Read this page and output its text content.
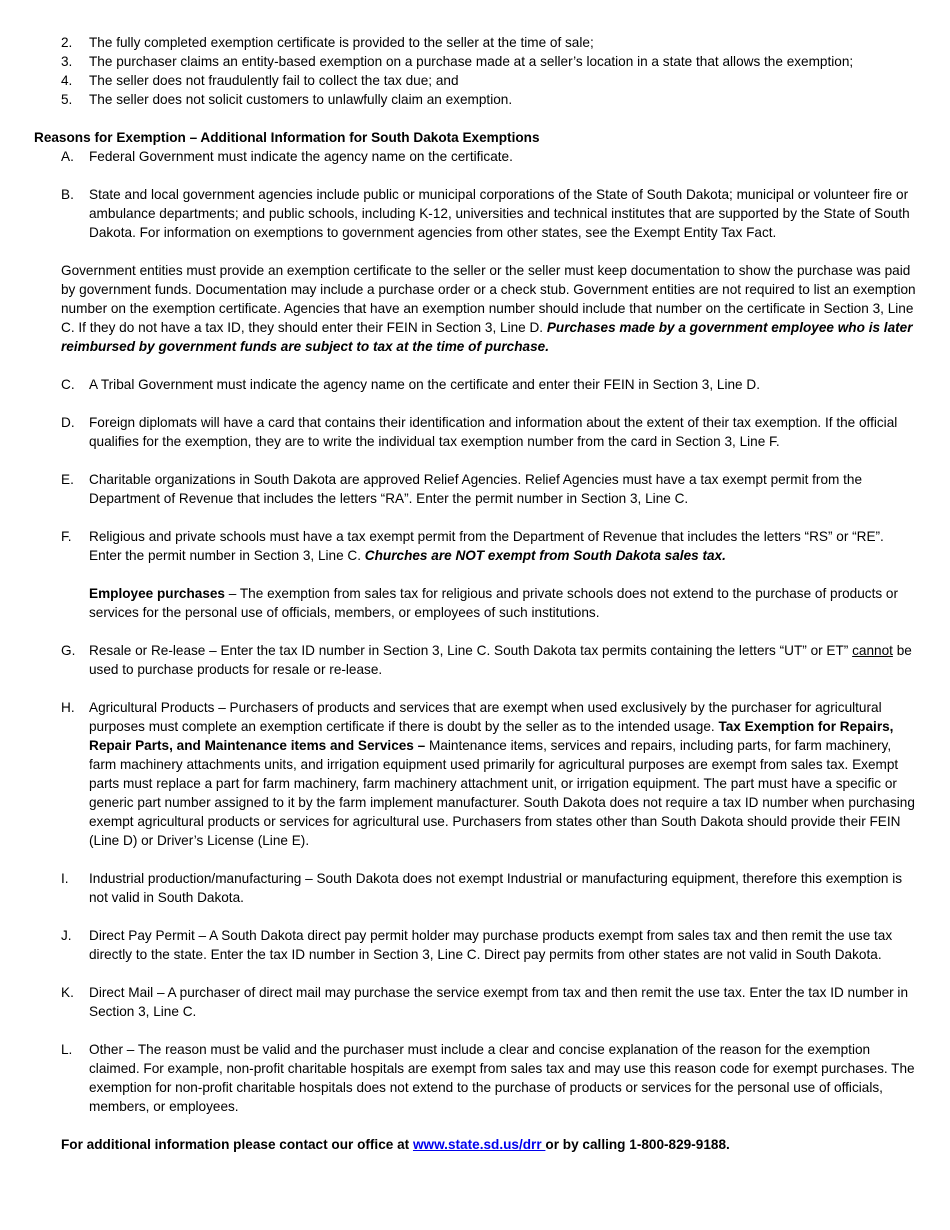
2. The fully completed exemption certificate is provided to the seller at the time of sale;
3. The purchaser claims an entity-based exemption on a purchase made at a seller’s location in a state that allows the exemption;
4. The seller does not fraudulently fail to collect the tax due; and
5. The seller does not solicit customers to unlawfully claim an exemption.
Reasons for Exemption – Additional Information for South Dakota Exemptions
A. Federal Government must indicate the agency name on the certificate.
B. State and local government agencies include public or municipal corporations of the State of South Dakota; municipal or volunteer fire or ambulance departments; and public schools, including K-12, universities and technical institutes that are supported by the State of South Dakota. For information on exemptions to government agencies from other states, see the Exempt Entity Tax Fact.
Government entities must provide an exemption certificate to the seller or the seller must keep documentation to show the purchase was paid by government funds. Documentation may include a purchase order or a check stub. Government entities are not required to list an exemption number on the exemption certificate. Agencies that have an exemption number should include that number on the certificate in Section 3, Line C. If they do not have a tax ID, they should enter their FEIN in Section 3, Line D. Purchases made by a government employee who is later reimbursed by government funds are subject to tax at the time of purchase.
C. A Tribal Government must indicate the agency name on the certificate and enter their FEIN in Section 3, Line D.
D. Foreign diplomats will have a card that contains their identification and information about the extent of their tax exemption. If the official qualifies for the exemption, they are to write the individual tax exemption number from the card in Section 3, Line F.
E. Charitable organizations in South Dakota are approved Relief Agencies. Relief Agencies must have a tax exempt permit from the Department of Revenue that includes the letters “RA”. Enter the permit number in Section 3, Line C.
F. Religious and private schools must have a tax exempt permit from the Department of Revenue that includes the letters “RS” or “RE”. Enter the permit number in Section 3, Line C. Churches are NOT exempt from South Dakota sales tax.
Employee purchases – The exemption from sales tax for religious and private schools does not extend to the purchase of products or services for the personal use of officials, members, or employees of such institutions.
G. Resale or Re-lease – Enter the tax ID number in Section 3, Line C. South Dakota tax permits containing the letters “UT” or ET” cannot be used to purchase products for resale or re-lease.
H. Agricultural Products – Purchasers of products and services that are exempt when used exclusively by the purchaser for agricultural purposes must complete an exemption certificate if there is doubt by the seller as to the intended usage. Tax Exemption for Repairs, Repair Parts, and Maintenance items and Services – Maintenance items, services and repairs, including parts, for farm machinery, farm machinery attachments units, and irrigation equipment used primarily for agricultural purposes are exempt from sales tax. Exempt parts must replace a part for farm machinery, farm machinery attachment unit, or irrigation equipment. The part must have a specific or generic part number assigned to it by the farm implement manufacturer. South Dakota does not require a tax ID number when purchasing exempt agricultural products or services for agricultural use. Purchasers from states other than South Dakota should provide their FEIN (Line D) or Driver’s License (Line E).
I. Industrial production/manufacturing – South Dakota does not exempt Industrial or manufacturing equipment, therefore this exemption is not valid in South Dakota.
J. Direct Pay Permit – A South Dakota direct pay permit holder may purchase products exempt from sales tax and then remit the use tax directly to the state. Enter the tax ID number in Section 3, Line C. Direct pay permits from other states are not valid in South Dakota.
K. Direct Mail – A purchaser of direct mail may purchase the service exempt from tax and then remit the use tax. Enter the tax ID number in Section 3, Line C.
L. Other – The reason must be valid and the purchaser must include a clear and concise explanation of the reason for the exemption claimed. For example, non-profit charitable hospitals are exempt from sales tax and may use this reason code for exempt purchases. The exemption for non-profit charitable hospitals does not extend to the purchase of products or services for the personal use of officials, members, or employees.
For additional information please contact our office at www.state.sd.us/drr or by calling 1-800-829-9188.
